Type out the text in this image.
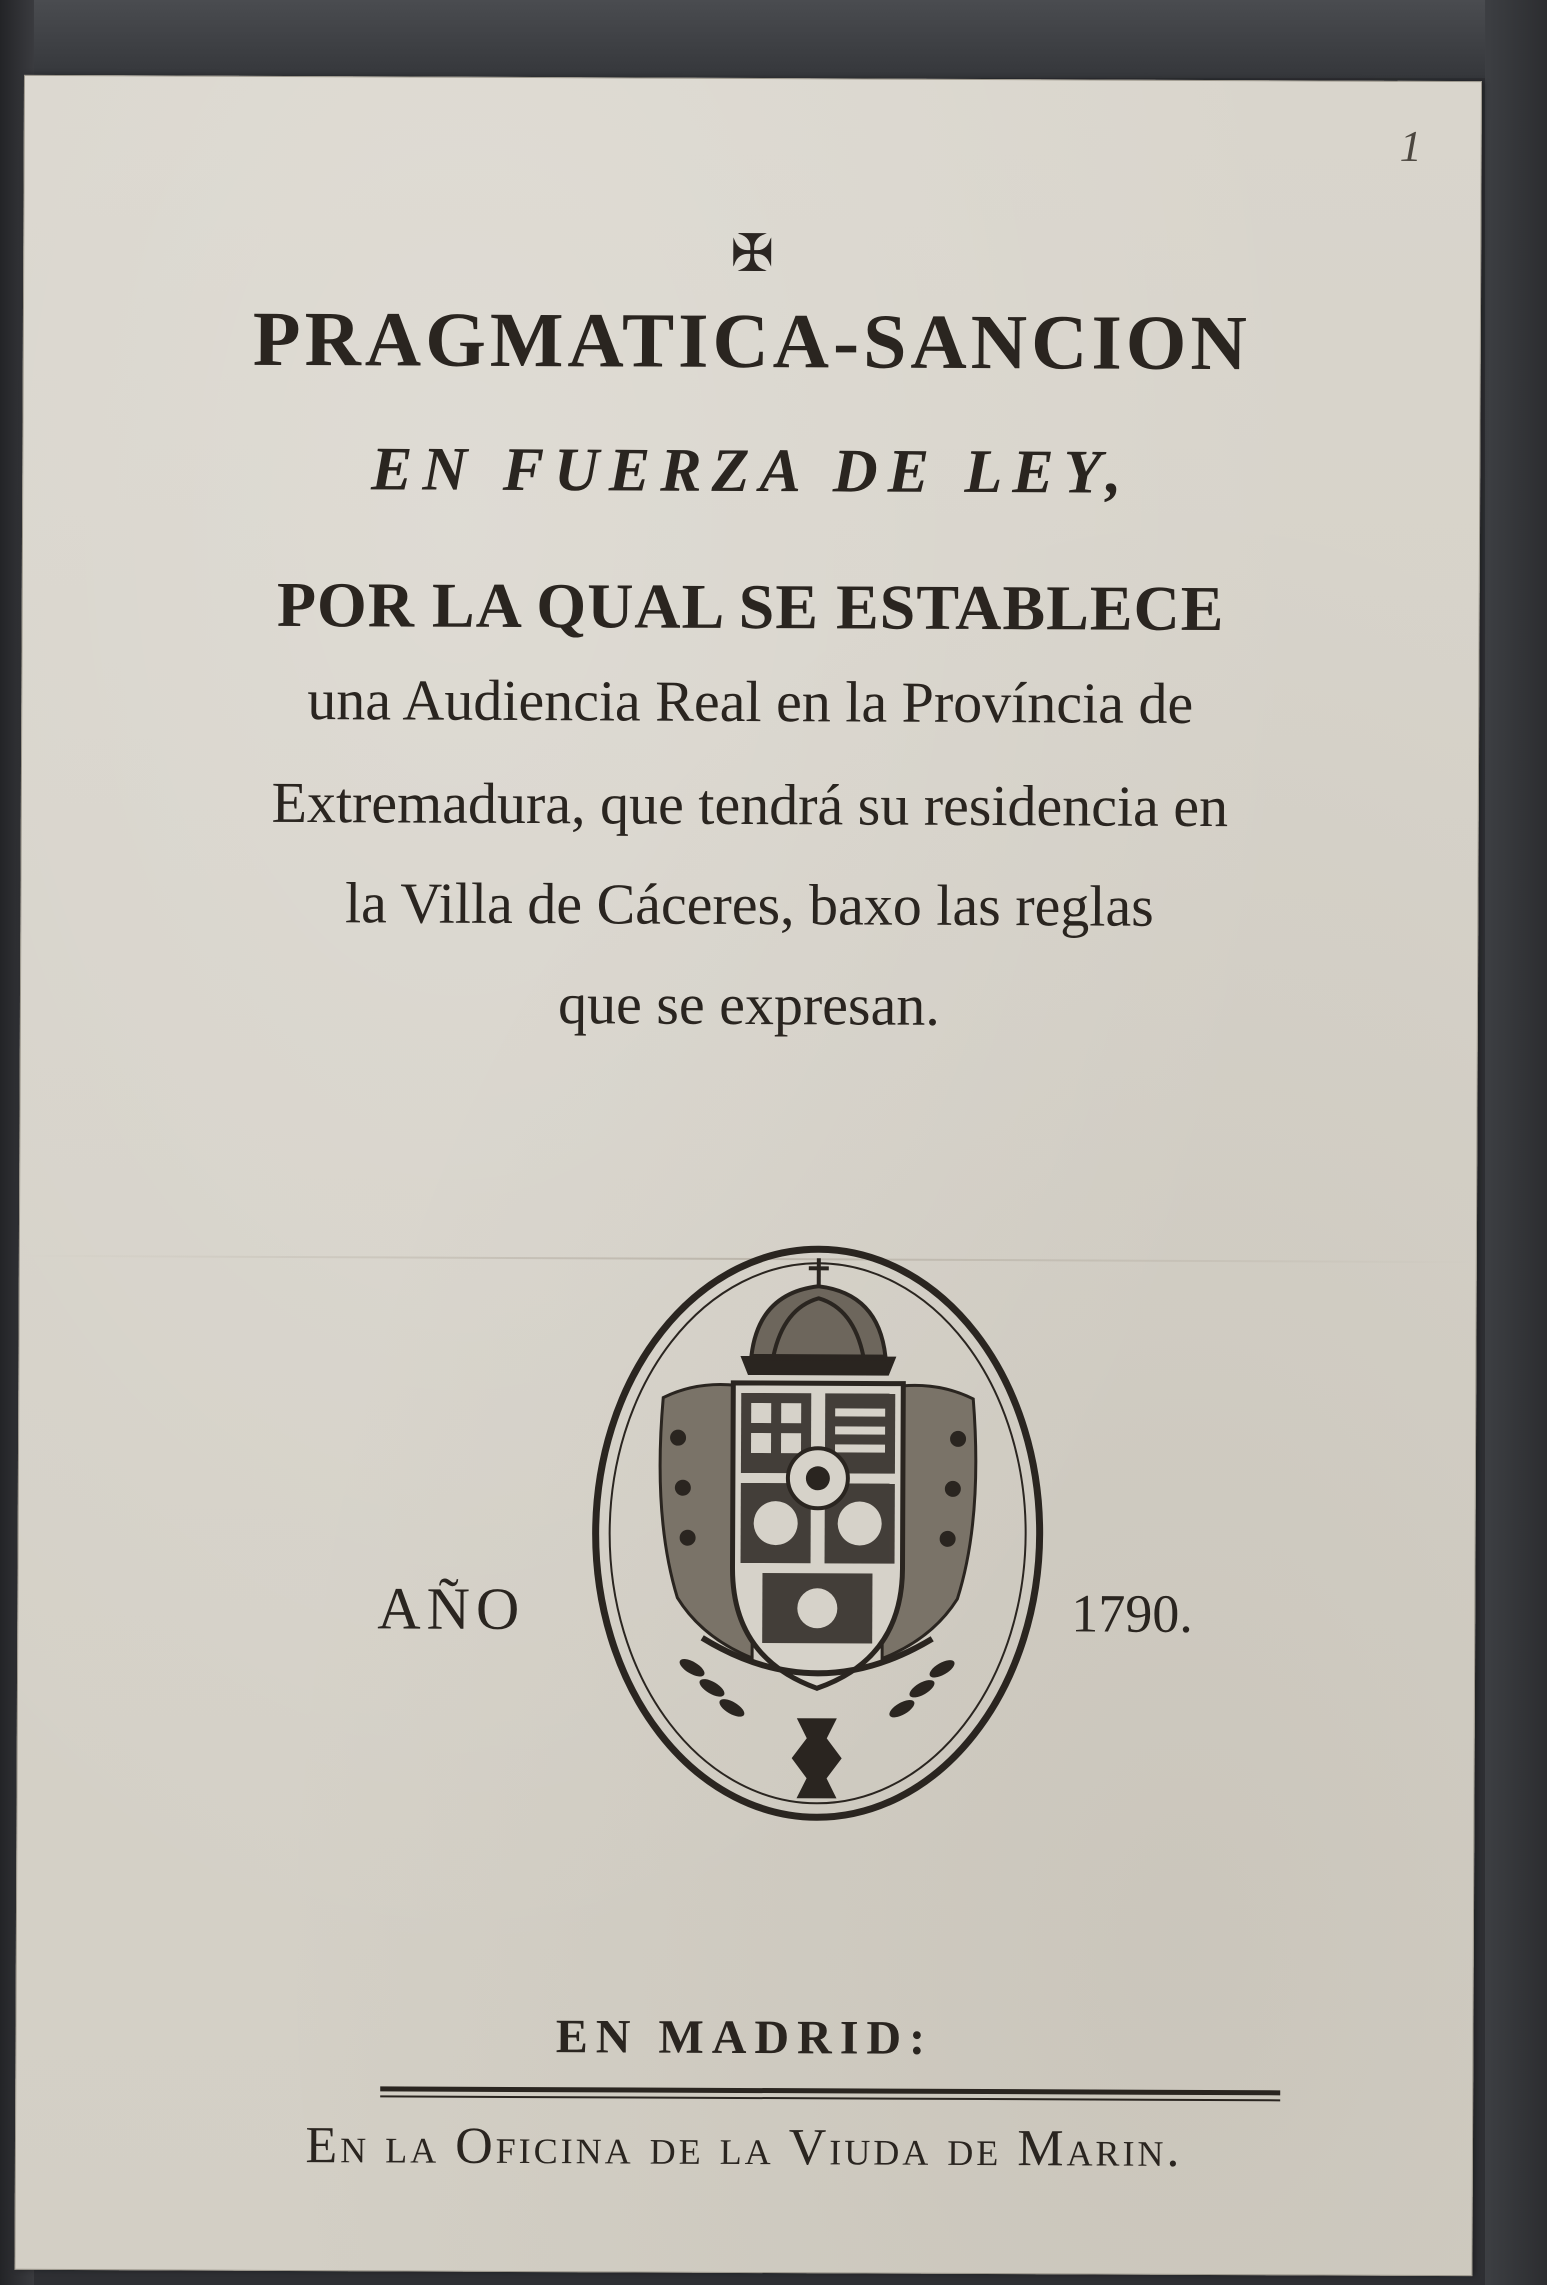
1
✠
PRAGMATICA-SANCION
EN FUERZA DE LEY,
POR LA QUAL SE ESTABLECE
una Audiencia Real en la Província de
Extremadura, que tendrá su residencia en
la Villa de Cáceres, baxo las reglas
que se expresan.
AÑO	1790.
EN MADRID:
En la Oficina de la Viuda de Marin.
